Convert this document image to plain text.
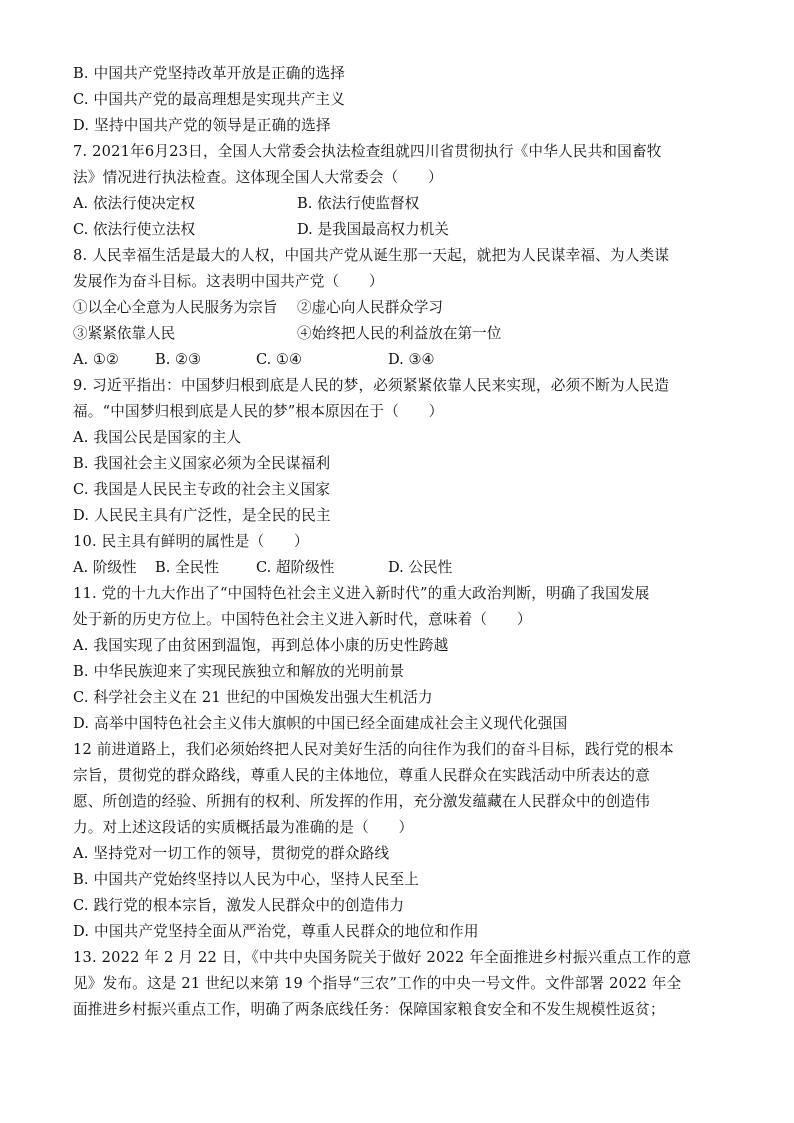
B. 中国共产党坚持改革开放是正确的选择
C. 中国共产党的最高理想是实现共产主义
D. 坚持中国共产党的领导是正确的选择
7. 2021年6月23日，全国人大常委会执法检查组就四川省贯彻执行《中华人民共和国畜牧
法》情况进行执法检查。这体现全国人大常委会（　　）
A. 依法行使决定权	B. 依法行使监督权
C. 依法行使立法权	D. 是我国最高权力机关
8. 人民幸福生活是最大的人权，中国共产党从诞生那一天起，就把为人民谋幸福、为人类谋
发展作为奋斗目标。这表明中国共产党（　　）
①以全心全意为人民服务为宗旨 ②虚心向人民群众学习
③紧紧依靠人民	④始终把人民的利益放在第一位
A. ①② B. ②③	C. ①④	D. ③④
9. 习近平指出：中国梦归根到底是人民的梦，必须紧紧依靠人民来实现，必须不断为人民造
福。“中国梦归根到底是人民的梦”根本原因在于（　　）
A. 我国公民是国家的主人
B. 我国社会主义国家必须为全民谋福利
C. 我国是人民民主专政的社会主义国家
D. 人民民主具有广泛性，是全民的民主
10. 民主具有鲜明的属性是（　　）
A. 阶级性 B. 全民性	C. 超阶级性	D. 公民性
11. 党的十九大作出了“中国特色社会主义进入新时代”的重大政治判断，明确了我国发展
处于新的历史方位上。中国特色社会主义进入新时代，意味着（　　）
A. 我国实现了由贫困到温饱，再到总体小康的历史性跨越
B. 中华民族迎来了实现民族独立和解放的光明前景
C. 科学社会主义在 21 世纪的中国焕发出强大生机活力
D. 高举中国特色社会主义伟大旗帜的中国已经全面建成社会主义现代化强国
12 前进道路上，我们必须始终把人民对美好生活的向往作为我们的奋斗目标，践行党的根本
宗旨，贯彻党的群众路线，尊重人民的主体地位，尊重人民群众在实践活动中所表达的意
愿、所创造的经验、所拥有的权利、所发挥的作用，充分激发蕴藏在人民群众中的创造伟
力。对上述这段话的实质概括最为准确的是（　　）
A. 坚持党对一切工作的领导，贯彻党的群众路线
B. 中国共产党始终坚持以人民为中心，坚持人民至上
C. 践行党的根本宗旨，激发人民群众中的创造伟力
D. 中国共产党坚持全面从严治党，尊重人民群众的地位和作用
13. 2022 年 2 月 22 日，《中共中央国务院关于做好 2022 年全面推进乡村振兴重点工作的意
见》发布。这是 21 世纪以来第 19 个指导“三农”工作的中央一号文件。文件部署 2022 年全
面推进乡村振兴重点工作，明确了两条底线任务：保障国家粮食安全和不发生规模性返贫；
